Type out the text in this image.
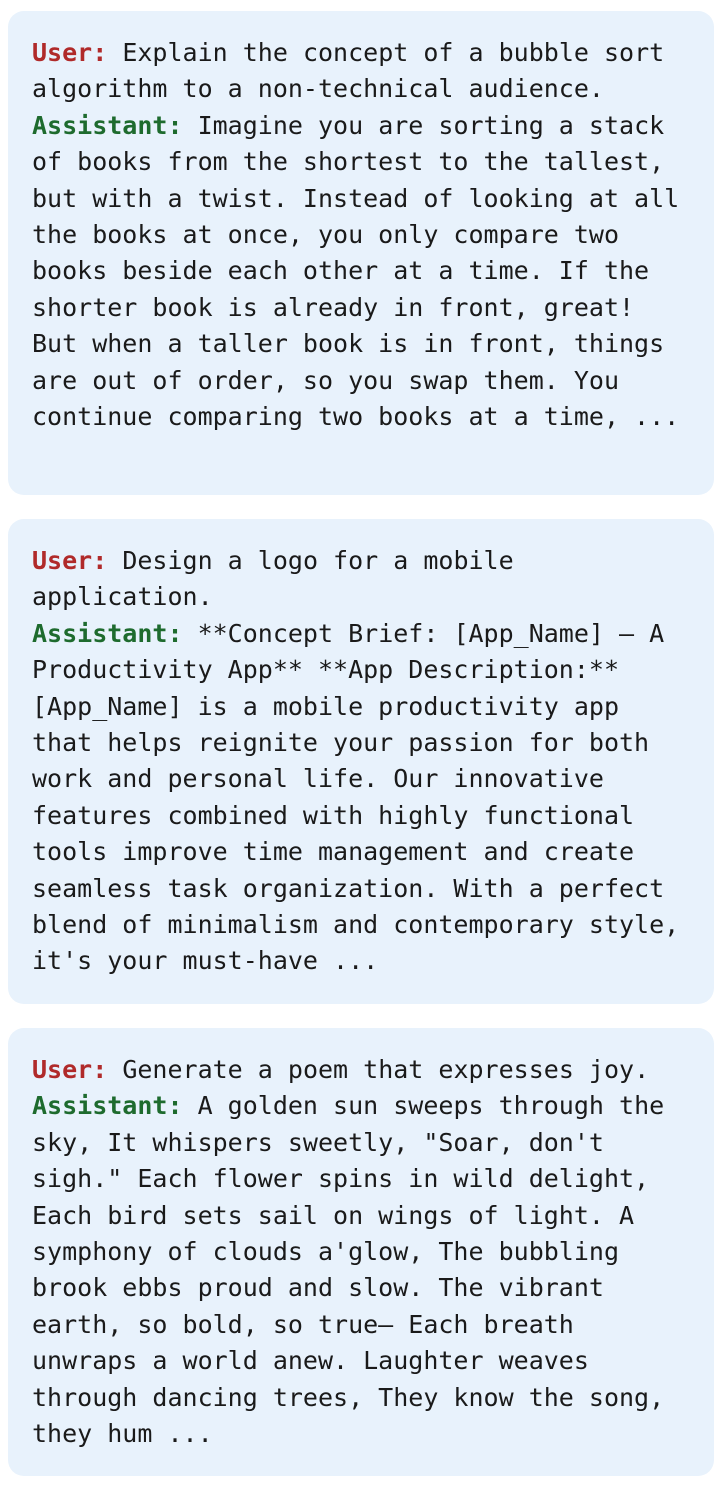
User: Explain the concept of a bubble sort algorithm to a non-technical audience.

Assistant: Imagine you are sorting a stack of books from the shortest to the tallest, but with a twist. Instead of looking at all the books at once, you only compare two books beside each other at a time. If the shorter book is already in front, great! But when a taller book is in front, things are out of order, so you swap them. You continue comparing two books at a time, ...

User: Design a logo for a mobile application.

Assistant: **Concept Brief: [App_Name] – A Productivity App** **App Description:** [App_Name] is a mobile productivity app that helps reignite your passion for both work and personal life. Our innovative features combined with highly functional tools improve time management and create seamless task organization. With a perfect blend of minimalism and contemporary style, it's your must-have ...

User: Generate a poem that expresses joy.

Assistant: A golden sun sweeps through the sky, It whispers sweetly, "Soar, don't sigh." Each flower spins in wild delight, Each bird sets sail on wings of light. A symphony of clouds a'glow, The bubbling brook ebbs proud and slow. The vibrant earth, so bold, so true– Each breath unwraps a world anew. Laughter weaves through dancing trees, They know the song, they hum ...
